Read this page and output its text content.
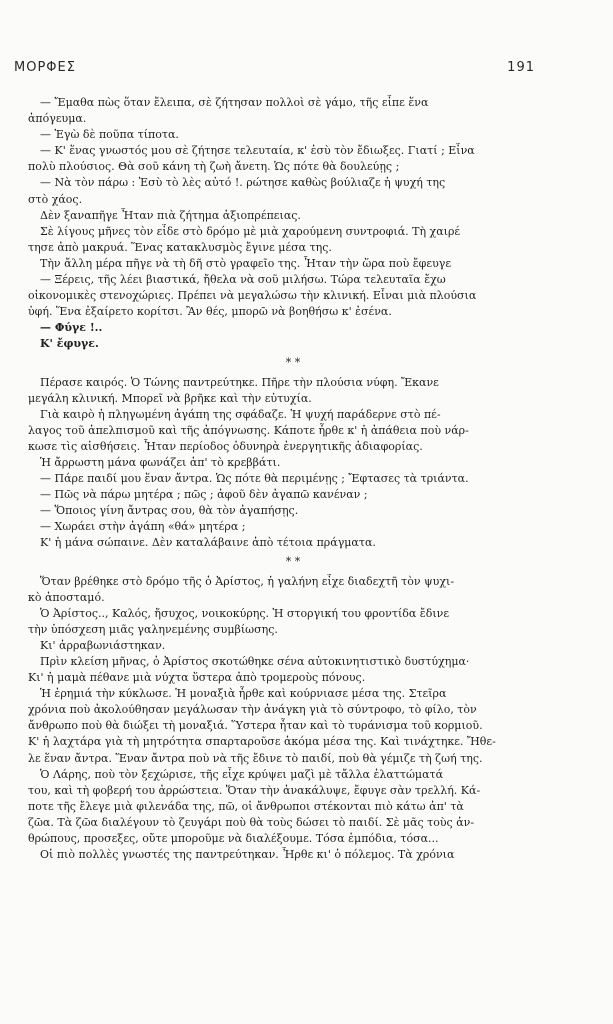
ΜΟΡΦΕΣ	191
— Ἔμαθα πὼς ὅταν ἔλειπα, σὲ ζήτησαν πολλοὶ σὲ γάμο, τῆς εἶπε ἕνα
ἀπόγευμα.
— Ἐγὼ δὲ ποῦπα τίποτα.
— Κ' ἕνας γνωστός μου σὲ ζήτησε τελευταία, κ' ἐσὺ τὸν ἔδιωξες. Γιατί ; Εἶνα
πολὺ πλούσιος. Θὰ σοῦ κάνη τὴ ζωὴ ἄνετη. Ὡς πότε θὰ δουλεύῃς ;
— Νὰ τὸν πάρω : Ἐσὺ τὸ λὲς αὐτό !. ρώτησε καθὼς βούλιαζε ἡ ψυχή της
στὸ χάος.
Δὲν ξαναπῆγε Ἦταν πιὰ ζήτημα ἀξιοπρέπειας.
Σὲ λίγους μῆνες τὸν εἶδε στὸ δρόμο μὲ μιὰ χαρούμενη συντροφιά. Τὴ χαιρέ
τησε ἀπὸ μακρυά. Ἕνας κατακλυσμὸς ἔγινε μέσα της.
Τὴν ἄλλη μέρα πῆγε νὰ τὴ δῆ στὸ γραφεῖο της. Ἦταν τὴν ὥρα ποὺ ἔφευγε
— Ξέρεις, τῆς λέει βιαστικά, ἤθελα νὰ σοῦ μιλήσω. Τώρα τελευταῖα ἔχω
οἰκονομικὲς στενοχώριες. Πρέπει νὰ μεγαλώσω τὴν κλινική. Εἶναι μιὰ πλούσια
ὑφή. Ἕνα ἐξαίρετο κορίτσι. Ἂν θές, μπορῶ νὰ βοηθήσω κ' ἐσένα.
— Φύγε !..
Κ' ἔφυγε.
* *
Πέρασε καιρός. Ὁ Τώνης παντρεύτηκε. Πῆρε τὴν πλούσια νύφη. Ἔκανε
μεγάλη κλινική. Μπορεῖ νὰ βρῆκε καὶ τὴν εὐτυχία.
Γιὰ καιρὸ ἡ πληγωμένη ἀγάπη της σφάδαζε. Ἡ ψυχή παράδερνε στὸ πέ-
λαγος τοῦ ἀπελπισμοῦ καὶ τῆς ἀπόγνωσης. Κάποτε ἦρθε κ' ἡ ἀπάθεια ποὺ νάρ-
κωσε τὶς αἰσθήσεις. Ἦταν περίοδος ὀδυνηρὰ ἐνεργητικῆς ἀδιαφορίας.
Ἡ ἄρρωστη μάνα φωνάζει ἀπ' τὸ κρεββάτι.
— Πάρε παιδί μου ἕναν ἄντρα. Ὡς πότε θὰ περιμένῃς ; Ἔφτασες τὰ τριάντα.
— Πῶς νὰ πάρω μητέρα ; πῶς ; ἀφοῦ δὲν ἀγαπῶ κανέναν ;
— Ὅποιος γίνη ἄντρας σου, θὰ τὸν ἀγαπήσῃς.
— Χωράει στὴν ἀγάπη «θά» μητέρα ;
Κ' ἡ μάνα σώπαινε. Δὲν καταλάβαινε ἀπὸ τέτοια πράγματα.
* *
Ὅταν βρέθηκε στὸ δρόμο τῆς ὁ Ἀρίστος, ἡ γαλήνη εἶχε διαδεχτῆ τὸν ψυχι-
κὸ ἀποσταμό.
Ὁ Ἀρίστος.., Καλός, ἤσυχος, νοικοκύρης. Ἡ στοργική του φροντίδα ἔδινε
τὴν ὑπόσχεση μιᾶς γαληνεμένης συμβίωσης.
Κι' ἀρραβωνιάστηκαν.
Πρὶν κλείση μῆνας, ὁ Ἀρίστος σκοτώθηκε σένα αὐτοκινητιστικὸ δυστύχημα·
Κι' ἡ μαμὰ πέθανε μιὰ νύχτα ὕστερα ἀπὸ τρομεροὺς πόνους.
Ἡ ἐρημιά τὴν κύκλωσε. Ἡ μοναξιὰ ἦρθε καὶ κούρνιασε μέσα της. Στεῖρα
χρόνια ποὺ ἀκολούθησαν μεγάλωσαν τὴν ἀνάγκη γιὰ τὸ σύντροφο, τὸ φίλο, τὸν
ἄνθρωπο ποὺ θὰ διώξει τὴ μοναξιά. Ὕστερα ἦταν καὶ τὸ τυράνισμα τοῦ κορμιοῦ.
Κ' ἡ λαχτάρα γιὰ τὴ μητρότητα σπαρταροῦσε ἀκόμα μέσα της. Καὶ τινάχτηκε. Ἤθε-
λε ἕναν ἄντρα. Ἕναν ἄντρα ποὺ νὰ τῆς ἔδινε τὸ παιδί, ποὺ θὰ γέμιζε τὴ ζωή της.
Ὁ Λάρης, ποὺ τὸν ξεχώρισε, τῆς εἶχε κρύψει μαζὶ μὲ τἄλλα ἐλαττώματά
του, καὶ τὴ φοβερή του ἀρρώστεια. Ὅταν τὴν ἀνακάλυψε, ἔφυγε σὰν τρελλή. Κά-
ποτε τῆς ἔλεγε μιὰ φιλενάδα της, πῶ, οἱ ἄνθρωποι στέκονται πιὸ κάτω ἀπ' τὰ
ζῶα. Τὰ ζῶα διαλέγουν τὸ ζευγάρι ποὺ θὰ τοὺς δώσει τὸ παιδί. Σὲ μᾶς τοὺς ἀν-
θρώπους, προσεξες, οὔτε μποροῦμε νὰ διαλέξουμε. Τόσα ἐμπόδια, τόσα...
Οἱ πιὸ πολλὲς γνωστές της παντρεύτηκαν. Ἦρθε κι' ὁ πόλεμος. Τὰ χρόνια
